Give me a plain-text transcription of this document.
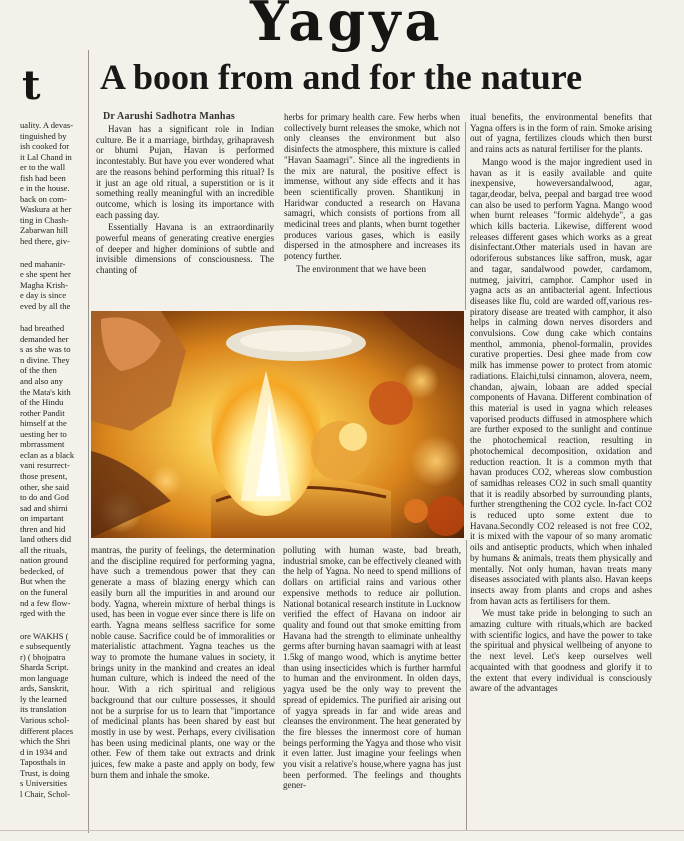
Yagya
t A boon from and for the nature
Dr Aarushi Sadhotra Manhas
uality. A devas-
tinguished by
ish cooked for
it Lal Chand in
er to the wall
fish had been
e in the house.
back on com-
Waskura at her
ting in Chash-
Zabarwan hill
hed there, giv-
ned mahanir-
e she spent her
Magha Krish-
e day is since
eved by all the
had breathed
demanded her
s as she was to
n divine. They
of the then
and also any
the Mata's kith
of the Hindu
rother Pandit
himself at the
uesting her to
mbrrassment
eclan as a black
vani resurrect-
those present,
other, she said
to do and God
sad and shirni
on impartant
thren and hid
land others did
all the rituals,
nation ground
bedecked, of
But when the
on the funeral
nd a few flow-
rged with the
ore WAKHS (
e subsequently
r) ( bhojpatra
Sharda Script.
mon language
ards, Sanskrit,
ly the learned
its translation
Various schol-
different places
which the Shri
d in 1934 and
Taposthals in
Trust, is doing
s Universities
l Chair, Schol-

Havan has a significant role in Indian culture. Be it a marriage, birthday, grihapravesh or bhumi Pujan, Havan is performed incontestably. But have you ever wondered what are the reasons behind performing this ritual? Is it just an age old ritual, a superstition or is it something really meaningful with an incredible outcome, which is losing its importance with each passing day.

Essentially Havana is an extraordinarily powerful means of generating creative energies of deeper and higher dominions of subtle and invisible dimensions of consciousness. The chanting of

herbs for primary health care. Few herbs when collectively burnt releases the smoke, which not only cleanses the environment but also disinfects the atmosphere, this mixture is called "Havan Saamagri". Since all the ingredients in the mix are natural, the positive effect is immense, without any side effects and it has been scientifically proven. Shantikunj in Haridwar conducted a research on Havana samagri, which consists of portions from all medicinal trees and plants, when burnt together produces various gases, which is easily dispersed in the atmosphere and increases its potency further.

The environment that we have been

itual benefits, the environmental benefits that Yagna offers is in the form of rain. Smoke arising out of yagna, fertilizes clouds which then burst and rains acts as natural fertiliser for the plants.

Mango wood is the major ingredient used in havan as it is easily available and quite inexpensive, howeversandalwood, agar, tagar,deodar, belva, peepal and bargad tree wood can also be used to perform Yagna. Mango wood when burnt releases "formic aldehyde", a gas which kills bacteria. Likewise, different wood releases different gases which works as a great disinfectant.Other materials used in havan are odoriferous substances like saffron, musk, agar and tagar, sandalwood powder, cardamom, nutmeg, jaivitri, camphor. Camphor used in yagna acts as an antibacterial agent. Infectious diseases like flu, cold are warded off,various respiratory disease are treated with camphor, it also helps in calming down nerves disorders and convulsions. Cow dung cake which contains menthol, ammonia, phenol-formalin, provides curative properties. Desi ghee made from cow milk has immense power to protect from atomic radiations. Elaichi,tulsi cinnamon, alovera, neem, chandan, ajwain, lobaan are added special components of Havana. Different combination of this material is used in yagna which releases vaporised products diffused in atmosphere which are further exposed to the sunlight and continue the photochemical reaction, resulting in photochemical decomposition, oxidation and reduction reaction. It is a common myth that havan produces CO2, whereas slow combustion of samidhas releases CO2 in such small quantity that it is readily absorbed by surrounding plants, further strengthening the CO2 cycle. In-fact CO2 is reduced upto some extent due to Havana.Secondly CO2 released is not free CO2, it is mixed with the vapour of so many aromatic oils and antiseptic products, which when inhaled by humans & animals, treats them physically and mentally. Not only human, havan treats many diseases associated with plants also. Havan keeps insects away from plants and crops and ashes from havan acts as fertilisers for them.

We must take pride in belonging to such an amazing culture with rituals,which are backed with scientific logics, and have the power to take the spiritual and physical wellbeing of anyone to the next level. Let's keep ourselves well acquainted with that goodness and glorify it to the extent that every individual is consciously aware of the advantages

mantras, the purity of feelings, the determination and the discipline required for performing yagna, have such a tremendous power that they can generate a mass of blazing energy which can easily burn all the impurities in and around our body. Yagna, wherein mixture of herbal things is used, has been in vogue ever since there is life on earth. Yagna means selfless sacrifice for some noble cause. Sacrifice could be of immoralities or materialistic attachment. Yagna teaches us the way to promote the humane values in society, it brings unity in the mankind and creates an ideal human culture, which is indeed the need of the hour. With a rich spiritual and religious background that our culture possesses, it should not be a surprise for us to learn that "importance of medicinal plants has been shared by east but mostly in use by west. Perhaps, every civilisation has been using medicinal plants, one way or the other. Few of them take out extracts and drink juices, few make a paste and apply on body, few burn them and inhale the smoke.

polluting with human waste, bad breath, industrial smoke, can be effectively cleaned with the help of Yagna. No need to spend millions of dollars on artificial rains and various other expensive methods to reduce air pollution. National botanical research institute in Lucknow verified the effect of Havana on indoor air quality and found out that smoke emitting from Havana had the strength to eliminate unhealthy germs after burning havan saamagri with at least 1.5kg of mango wood, which is anytime better than using insecticides which is further harmful to human and the environment. In olden days, yagya used be the only way to prevent the spread of epidemics. The purified air arising out of yagya spreads in far and wide areas and cleanses the environment. The heat generated by the fire blesses the innermost core of human beings performing the Yagya and those who visit it even latter. Just imagine your feelings when you visit a relative's house,where yagna has just been performed. The feelings and thoughts gener-
